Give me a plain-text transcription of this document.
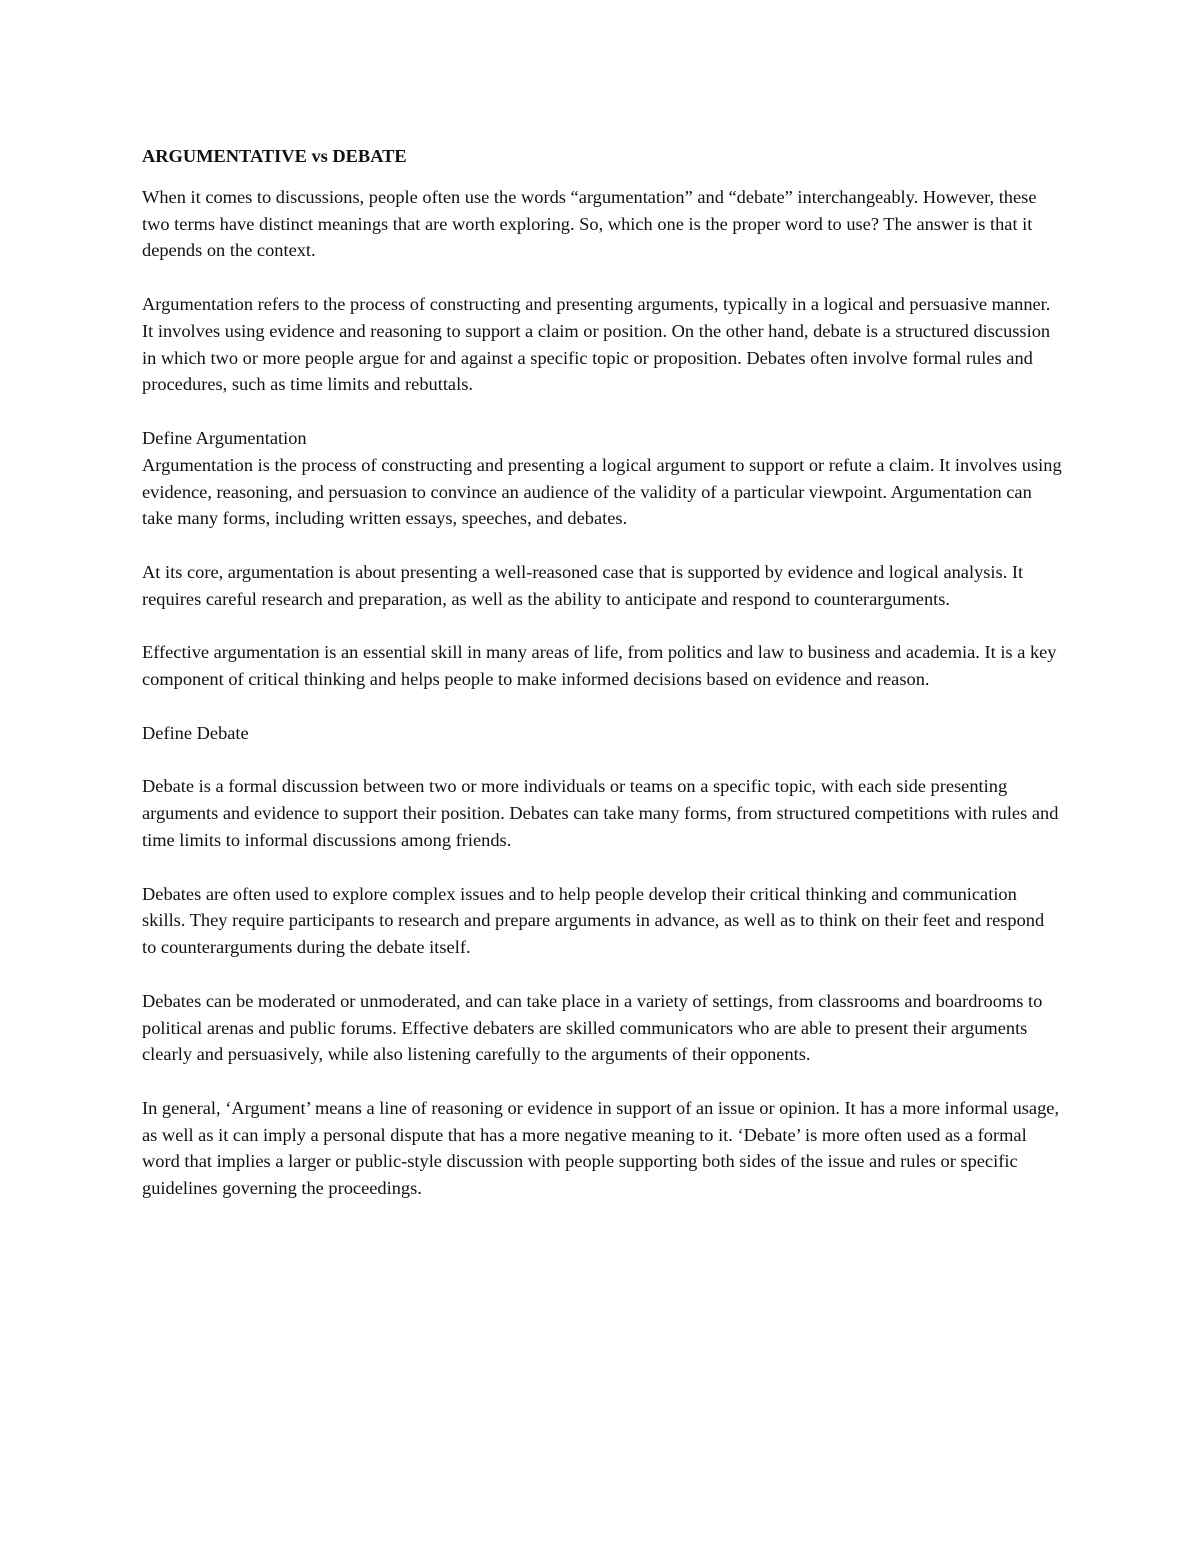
ARGUMENTATIVE vs DEBATE

When it comes to discussions, people often use the words “argumentation” and “debate” interchangeably. However, these two terms have distinct meanings that are worth exploring. So, which one is the proper word to use? The answer is that it depends on the context.

Argumentation refers to the process of constructing and presenting arguments, typically in a logical and persuasive manner. It involves using evidence and reasoning to support a claim or position. On the other hand, debate is a structured discussion in which two or more people argue for and against a specific topic or proposition. Debates often involve formal rules and procedures, such as time limits and rebuttals.

Define Argumentation

Argumentation is the process of constructing and presenting a logical argument to support or refute a claim. It involves using evidence, reasoning, and persuasion to convince an audience of the validity of a particular viewpoint. Argumentation can take many forms, including written essays, speeches, and debates.

At its core, argumentation is about presenting a well-reasoned case that is supported by evidence and logical analysis. It requires careful research and preparation, as well as the ability to anticipate and respond to counterarguments.

Effective argumentation is an essential skill in many areas of life, from politics and law to business and academia. It is a key component of critical thinking and helps people to make informed decisions based on evidence and reason.

Define Debate

Debate is a formal discussion between two or more individuals or teams on a specific topic, with each side presenting arguments and evidence to support their position. Debates can take many forms, from structured competitions with rules and time limits to informal discussions among friends.

Debates are often used to explore complex issues and to help people develop their critical thinking and communication skills. They require participants to research and prepare arguments in advance, as well as to think on their feet and respond to counterarguments during the debate itself.

Debates can be moderated or unmoderated, and can take place in a variety of settings, from classrooms and boardrooms to political arenas and public forums. Effective debaters are skilled communicators who are able to present their arguments clearly and persuasively, while also listening carefully to the arguments of their opponents.

In general, ‘Argument’ means a line of reasoning or evidence in support of an issue or opinion. It has a more informal usage, as well as it can imply a personal dispute that has a more negative meaning to it. ‘Debate’ is more often used as a formal word that implies a larger or public-style discussion with people supporting both sides of the issue and rules or specific guidelines governing the proceedings.
